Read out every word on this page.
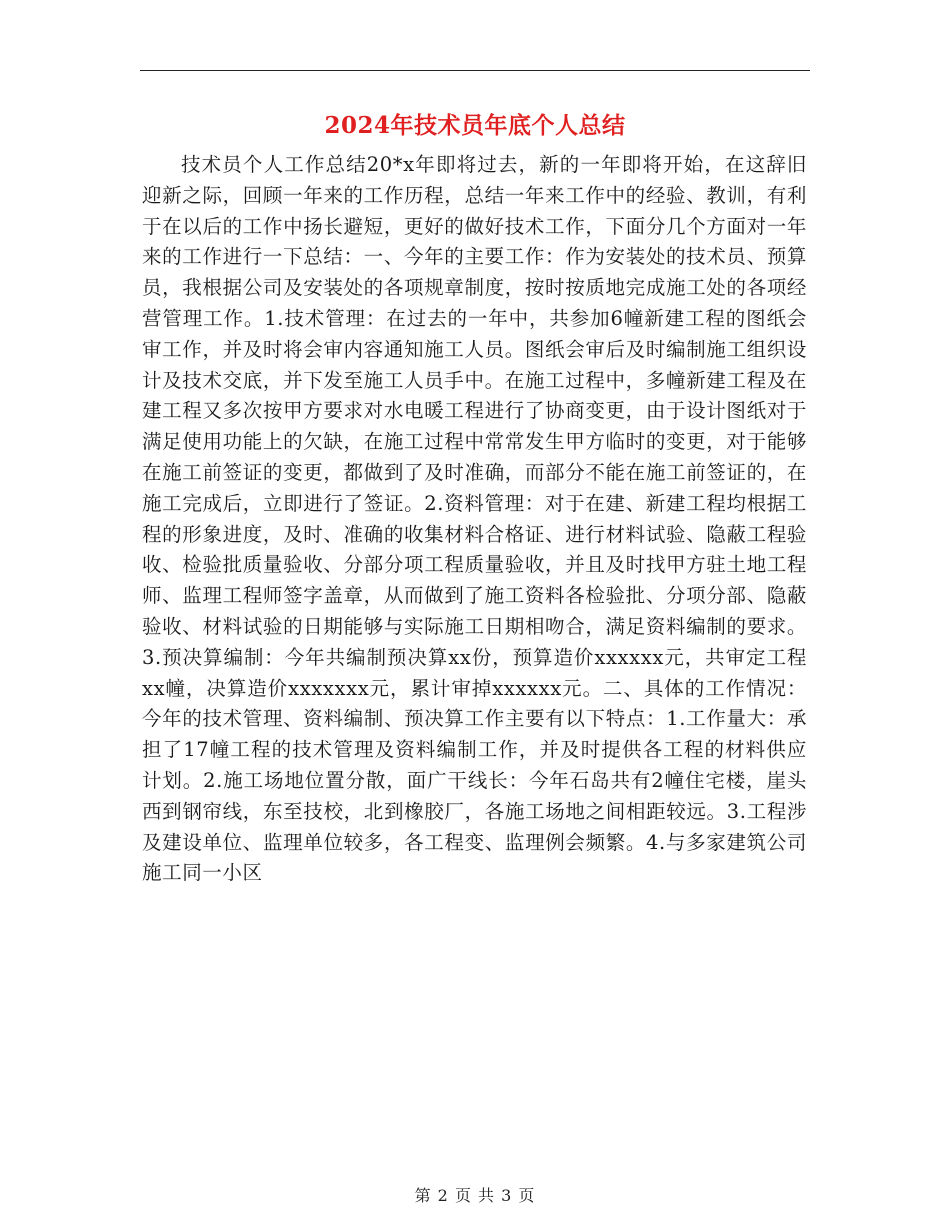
2024年技术员年底个人总结

技术员个人工作总结20*x年即将过去，新的一年即将开始，在这辞旧迎新之际，回顾一年来的工作历程，总结一年来工作中的经验、教训，有利于在以后的工作中扬长避短，更好的做好技术工作，下面分几个方面对一年来的工作进行一下总结：一、今年的主要工作：作为安装处的技术员、预算员，我根据公司及安装处的各项规章制度，按时按质地完成施工处的各项经营管理工作。1.技术管理：在过去的一年中，共参加6幢新建工程的图纸会审工作，并及时将会审内容通知施工人员。图纸会审后及时编制施工组织设计及技术交底，并下发至施工人员手中。在施工过程中，多幢新建工程及在建工程又多次按甲方要求对水电暖工程进行了协商变更，由于设计图纸对于满足使用功能上的欠缺，在施工过程中常常发生甲方临时的变更，对于能够在施工前签证的变更，都做到了及时准确，而部分不能在施工前签证的，在施工完成后，立即进行了签证。2.资料管理：对于在建、新建工程均根据工程的形象进度，及时、准确的收集材料合格证、进行材料试验、隐蔽工程验收、检验批质量验收、分部分项工程质量验收，并且及时找甲方驻土地工程师、监理工程师签字盖章，从而做到了施工资料各检验批、分项分部、隐蔽验收、材料试验的日期能够与实际施工日期相吻合，满足资料编制的要求。3.预决算编制：今年共编制预决算xx份，预算造价xxxxxx元，共审定工程xx幢，决算造价xxxxxxx元，累计审掉xxxxxx元。二、具体的工作情况：今年的技术管理、资料编制、预决算工作主要有以下特点：1.工作量大：承担了17幢工程的技术管理及资料编制工作，并及时提供各工程的材料供应计划。2.施工场地位置分散，面广干线长：今年石岛共有2幢住宅楼，崖头西到钢帘线，东至技校，北到橡胶厂，各施工场地之间相距较远。3.工程涉及建设单位、监理单位较多，各工程变、监理例会频繁。4.与多家建筑公司施工同一小区

第 2 页 共 3 页
